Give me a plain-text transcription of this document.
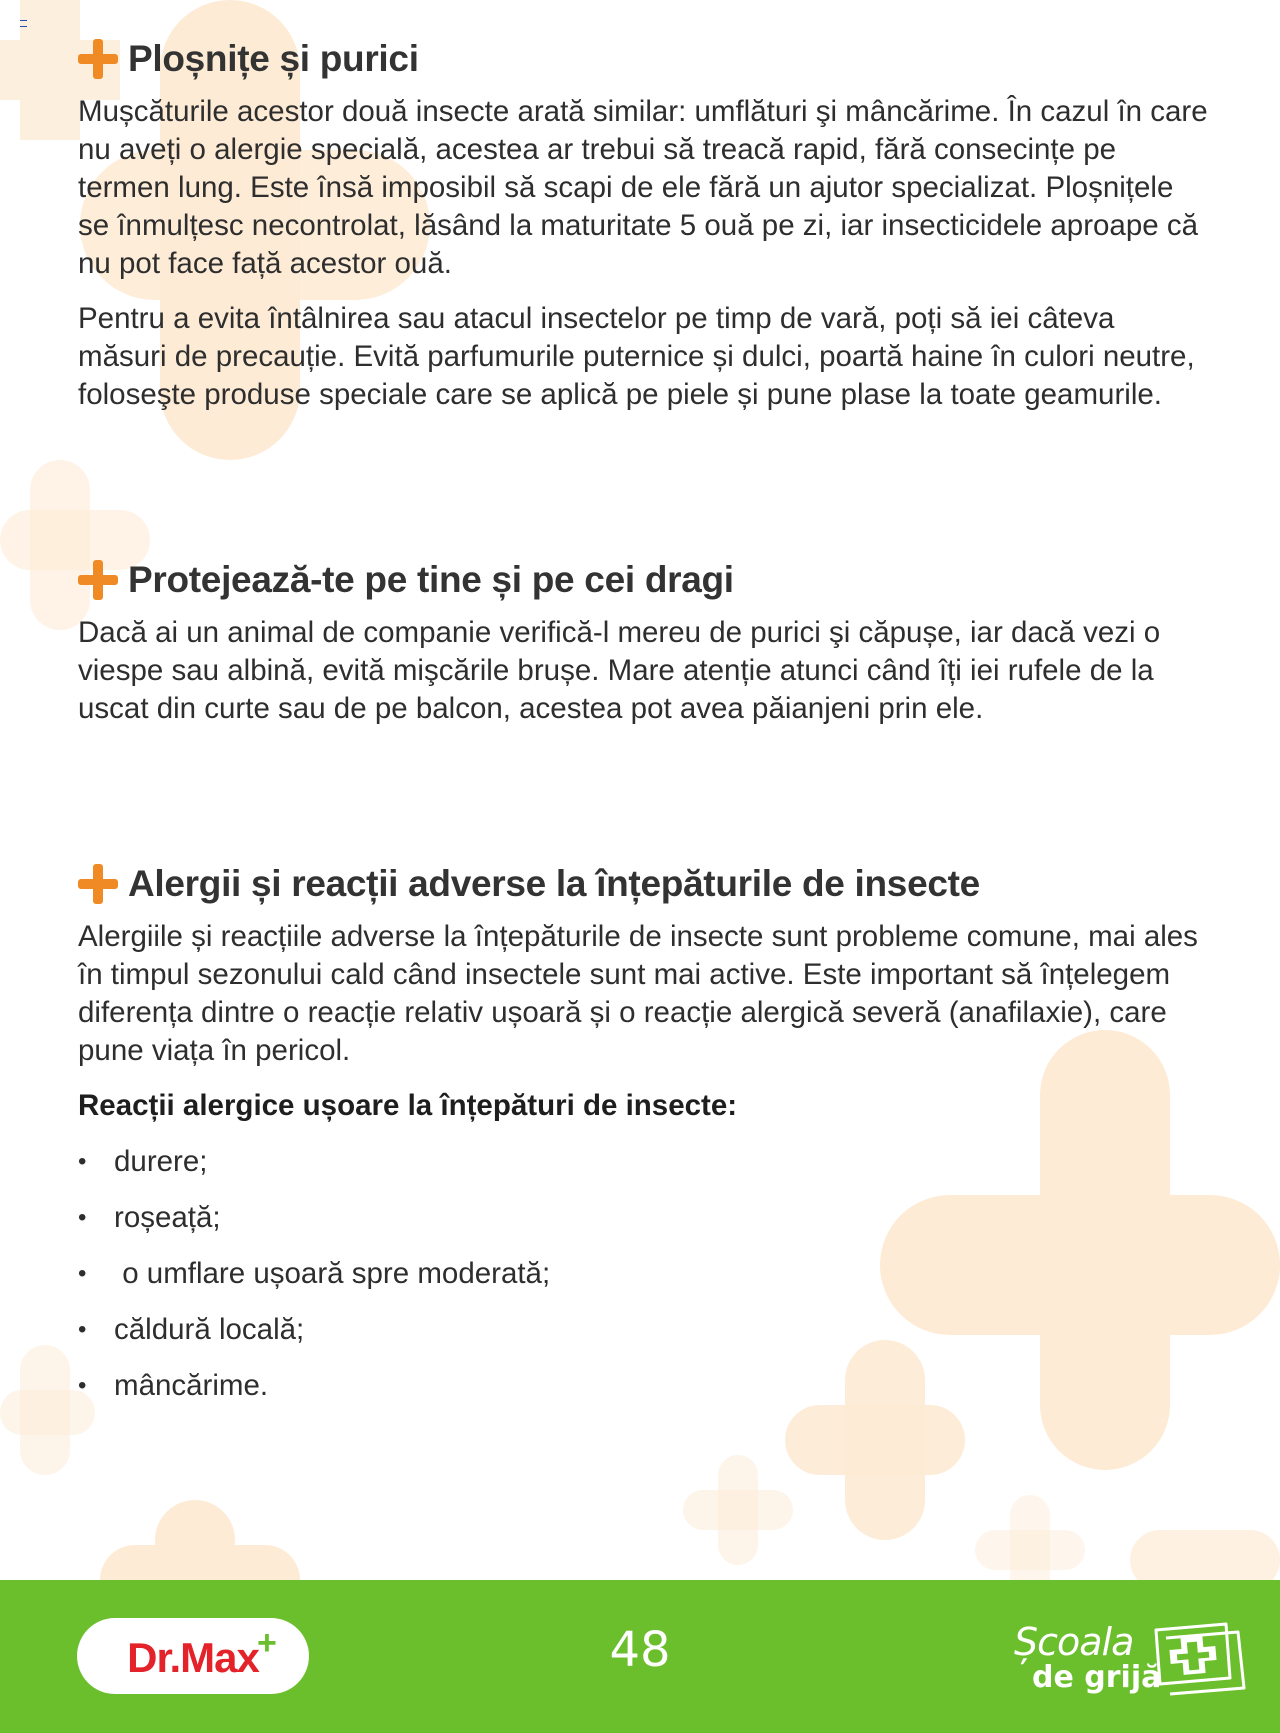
Ploșnițe și purici

Mușcăturile acestor două insecte arată similar: umflături şi mâncărime. În cazul în care nu aveți o alergie specială, acestea ar trebui să treacă rapid, fără consecințe pe termen lung. Este însă imposibil să scapi de ele fără un ajutor specializat. Ploșnițele se înmulțesc necontrolat, lăsând la maturitate 5 ouă pe zi, iar insecticidele aproape că nu pot face față acestor ouă.

Pentru a evita întâlnirea sau atacul insectelor pe timp de vară, poți să iei câteva măsuri de precauție. Evită parfumurile puternice și dulci, poartă haine în culori neutre, foloseşte produse speciale care se aplică pe piele și pune plase la toate geamurile.

Protejează-te pe tine și pe cei dragi

Dacă ai un animal de companie verifică-l mereu de purici şi căpușe, iar dacă vezi o viespe sau albină, evită mişcările brușe. Mare atenție atunci când îți iei rufele de la uscat din curte sau de pe balcon, acestea pot avea păianjeni prin ele.

Alergii și reacții adverse la înțepăturile de insecte

Alergiile și reacțiile adverse la înțepăturile de insecte sunt probleme comune, mai ales în timpul sezonului cald când insectele sunt mai active. Este important să înțelegem diferența dintre o reacție relativ ușoară și o reacție alergică severă (anafilaxie), care pune viața în pericol.

Reacții alergice ușoare la înțepături de insecte:

• durere;
• roșeață;
•  o umflare ușoară spre moderată;
• căldură locală;
• mâncărime.
Dr.Max
+	48	Școala
de grijă
